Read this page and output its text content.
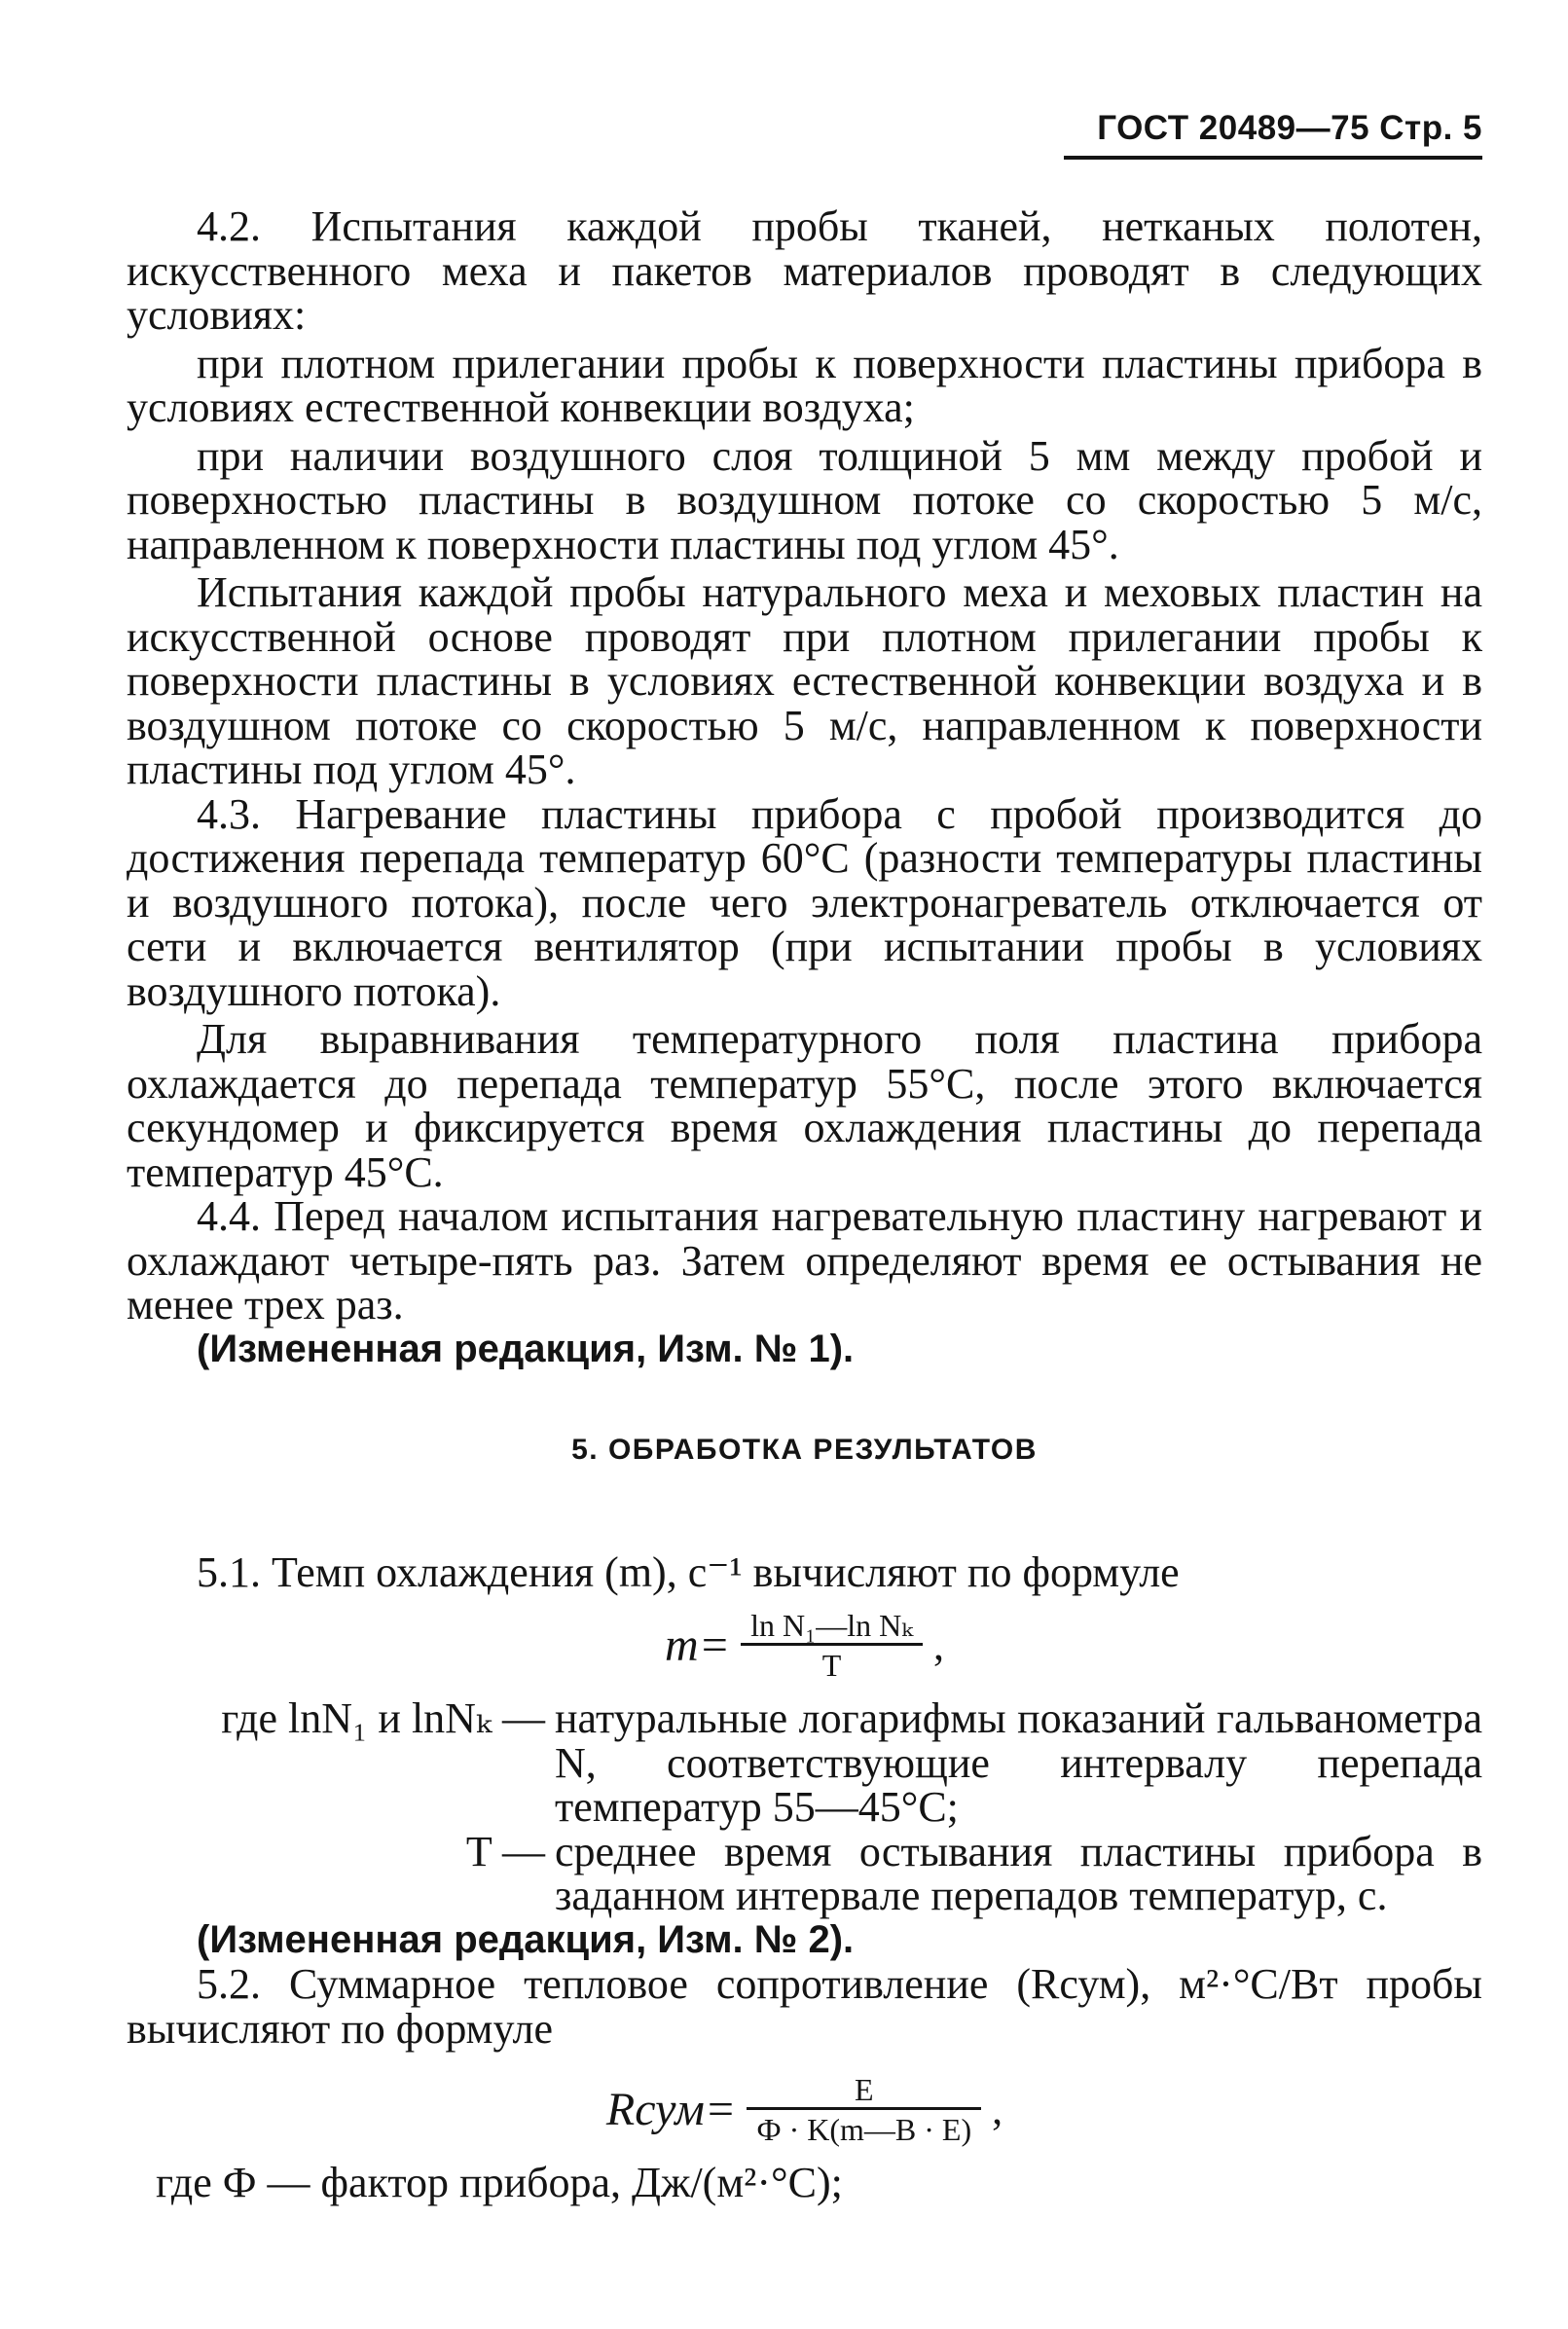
ГОСТ 20489—75 Стр. 5

4.2. Испытания каждой пробы тканей, нетканых полотен, искусственного меха и пакетов материалов проводят в следующих условиях:

при плотном прилегании пробы к поверхности пластины прибора в условиях естественной конвекции воздуха;

при наличии воздушного слоя толщиной 5 мм между пробой и поверхностью пластины в воздушном потоке со скоростью 5 м/с, направленном к поверхности пластины под углом 45°.

Испытания каждой пробы натурального меха и меховых пластин на искусственной основе проводят при плотном прилегании пробы к поверхности пластины в условиях естественной конвекции воздуха и в воздушном потоке со скоростью 5 м/с, направленном к поверхности пластины под углом 45°.

4.3. Нагревание пластины прибора с пробой производится до достижения перепада температур 60°С (разности температуры пластины и воздушного потока), после чего электронагреватель отключается от сети и включается вентилятор (при испытании пробы в условиях воздушного потока).

Для выравнивания температурного поля пластина прибора охлаждается до перепада температур 55°С, после этого включается секундомер и фиксируется время охлаждения пластины до перепада температур 45°С.

4.4. Перед началом испытания нагревательную пластину нагревают и охлаждают четыре-пять раз. Затем определяют время ее остывания не менее трех раз.

(Измененная редакция, Изм. № 1).

5. ОБРАБОТКА РЕЗУЛЬТАТОВ

5.1. Темп охлаждения (m), с⁻¹ вычисляют по формуле

$m= \frac{\text{ln N₁—ln Nₖ}}{T}$ ,
где lnN₁ и lnNₖ — натуральные логарифмы показаний гальванометра N, соответствующие интервалу перепада температур 55—45°С;
T — среднее время остывания пластины прибора в заданном интервале перепадов температур, с.

(Измененная редакция, Изм. № 2).

5.2. Суммарное тепловое сопротивление (Rсум), м²·°С/Вт пробы вычисляют по формуле

Rсум= $\frac{E}{Ф \cdot K(m—B \cdot E)}$ ,

где Ф — фактор прибора, Дж/(м²·°С);
